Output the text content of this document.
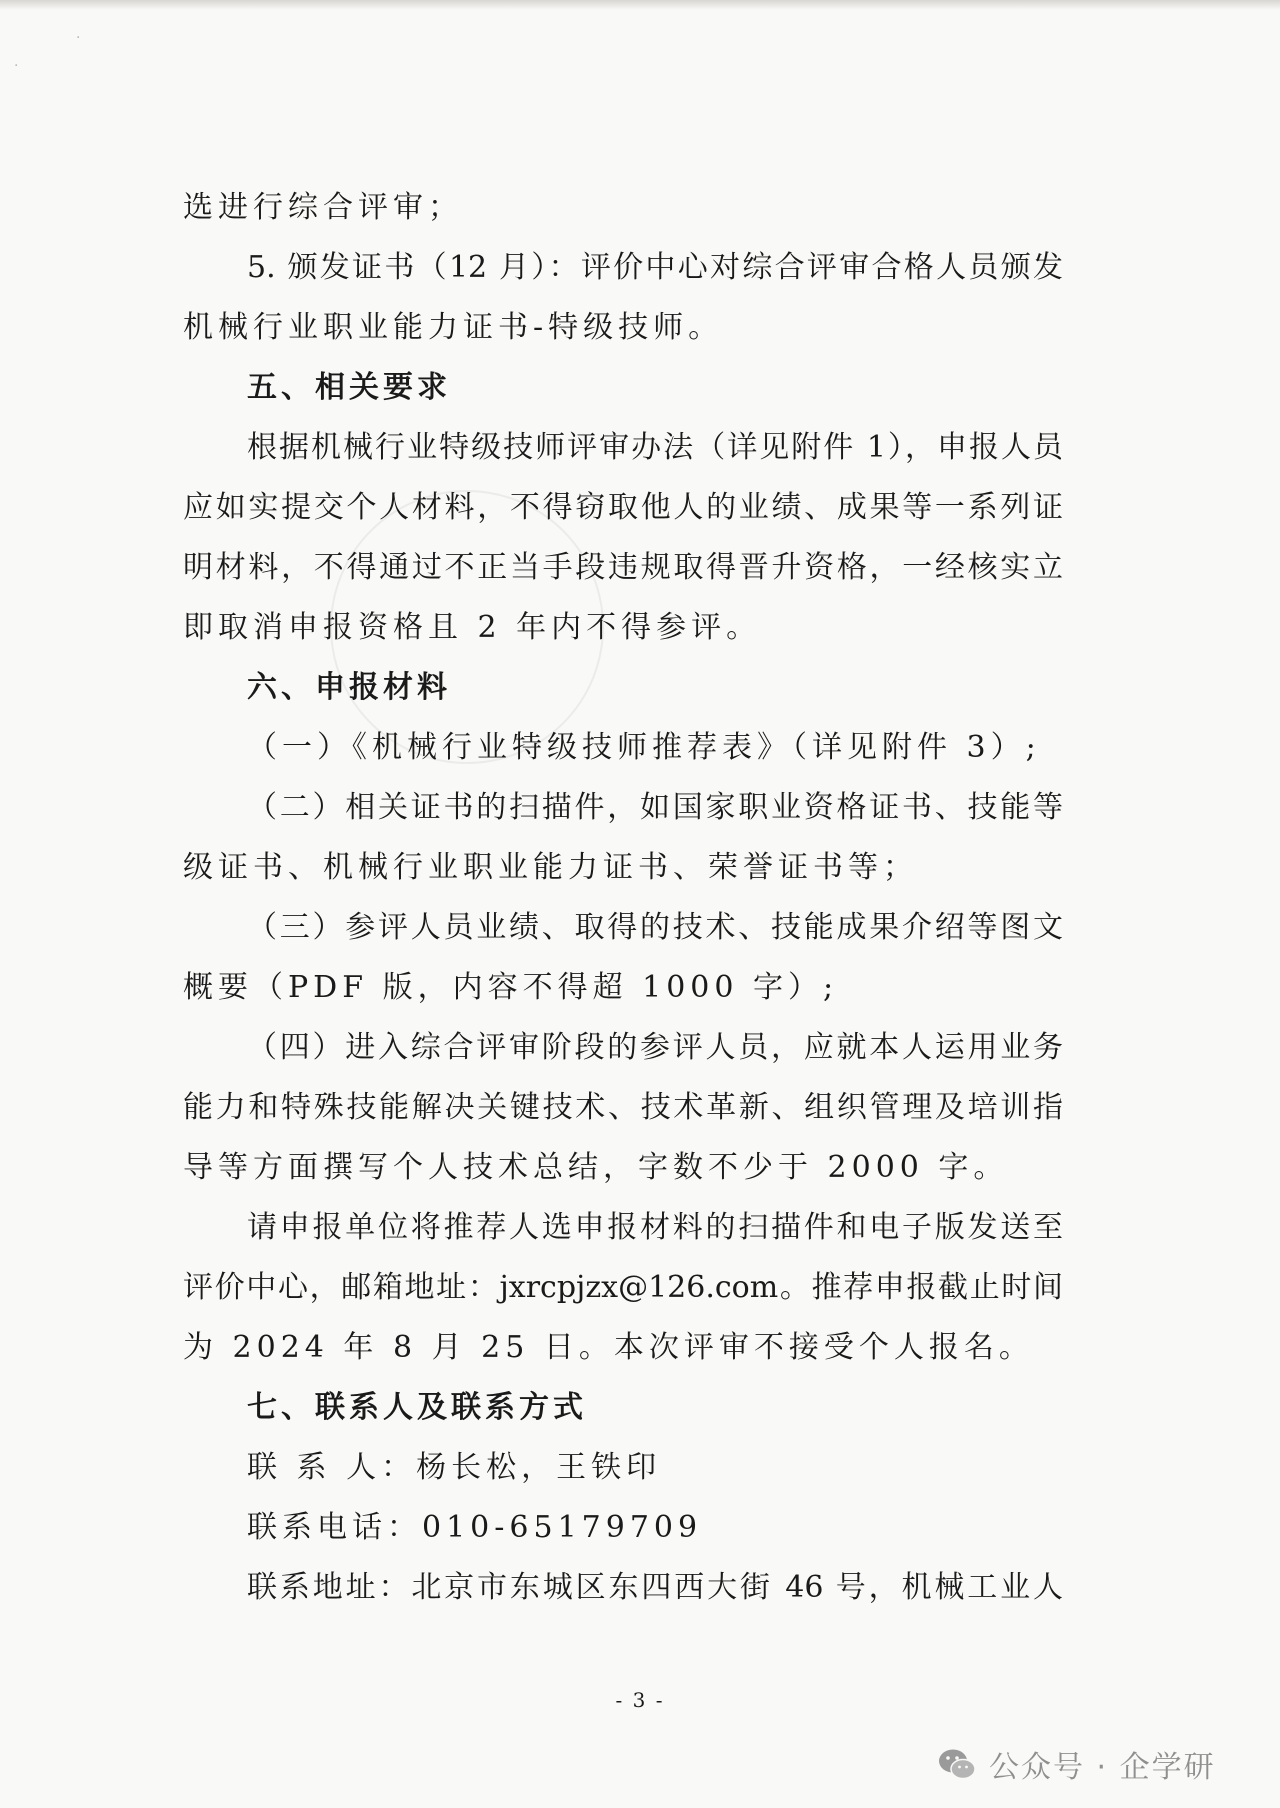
·
·
选进行综合评审；
5. 颁发证书（12 月）：评价中心对综合评审合格人员颁发
机械行业职业能力证书-特级技师。
五、相关要求
根据机械行业特级技师评审办法（详见附件 1），申报人员
应如实提交个人材料，不得窃取他人的业绩、成果等一系列证
明材料，不得通过不正当手段违规取得晋升资格，一经核实立
即取消申报资格且 2 年内不得参评。
六、申报材料
（一）《机械行业特级技师推荐表》（详见附件 3）;
（二）相关证书的扫描件，如国家职业资格证书、技能等
级证书、机械行业职业能力证书、荣誉证书等；
（三）参评人员业绩、取得的技术、技能成果介绍等图文
概要（PDF 版，内容不得超 1000 字）;
（四）进入综合评审阶段的参评人员，应就本人运用业务
能力和特殊技能解决关键技术、技术革新、组织管理及培训指
导等方面撰写个人技术总结，字数不少于 2000 字。
请申报单位将推荐人选申报材料的扫描件和电子版发送至
评价中心，邮箱地址：jxrcpjzx@126.com。推荐申报截止时间
为 2024 年 8 月 25 日。本次评审不接受个人报名。
七、联系人及联系方式
联 系 人：杨长松，王铁印
联系电话：010-65179709
联系地址：北京市东城区东四西大街 46 号，机械工业人
- 3 -
公众号 · 企学研
